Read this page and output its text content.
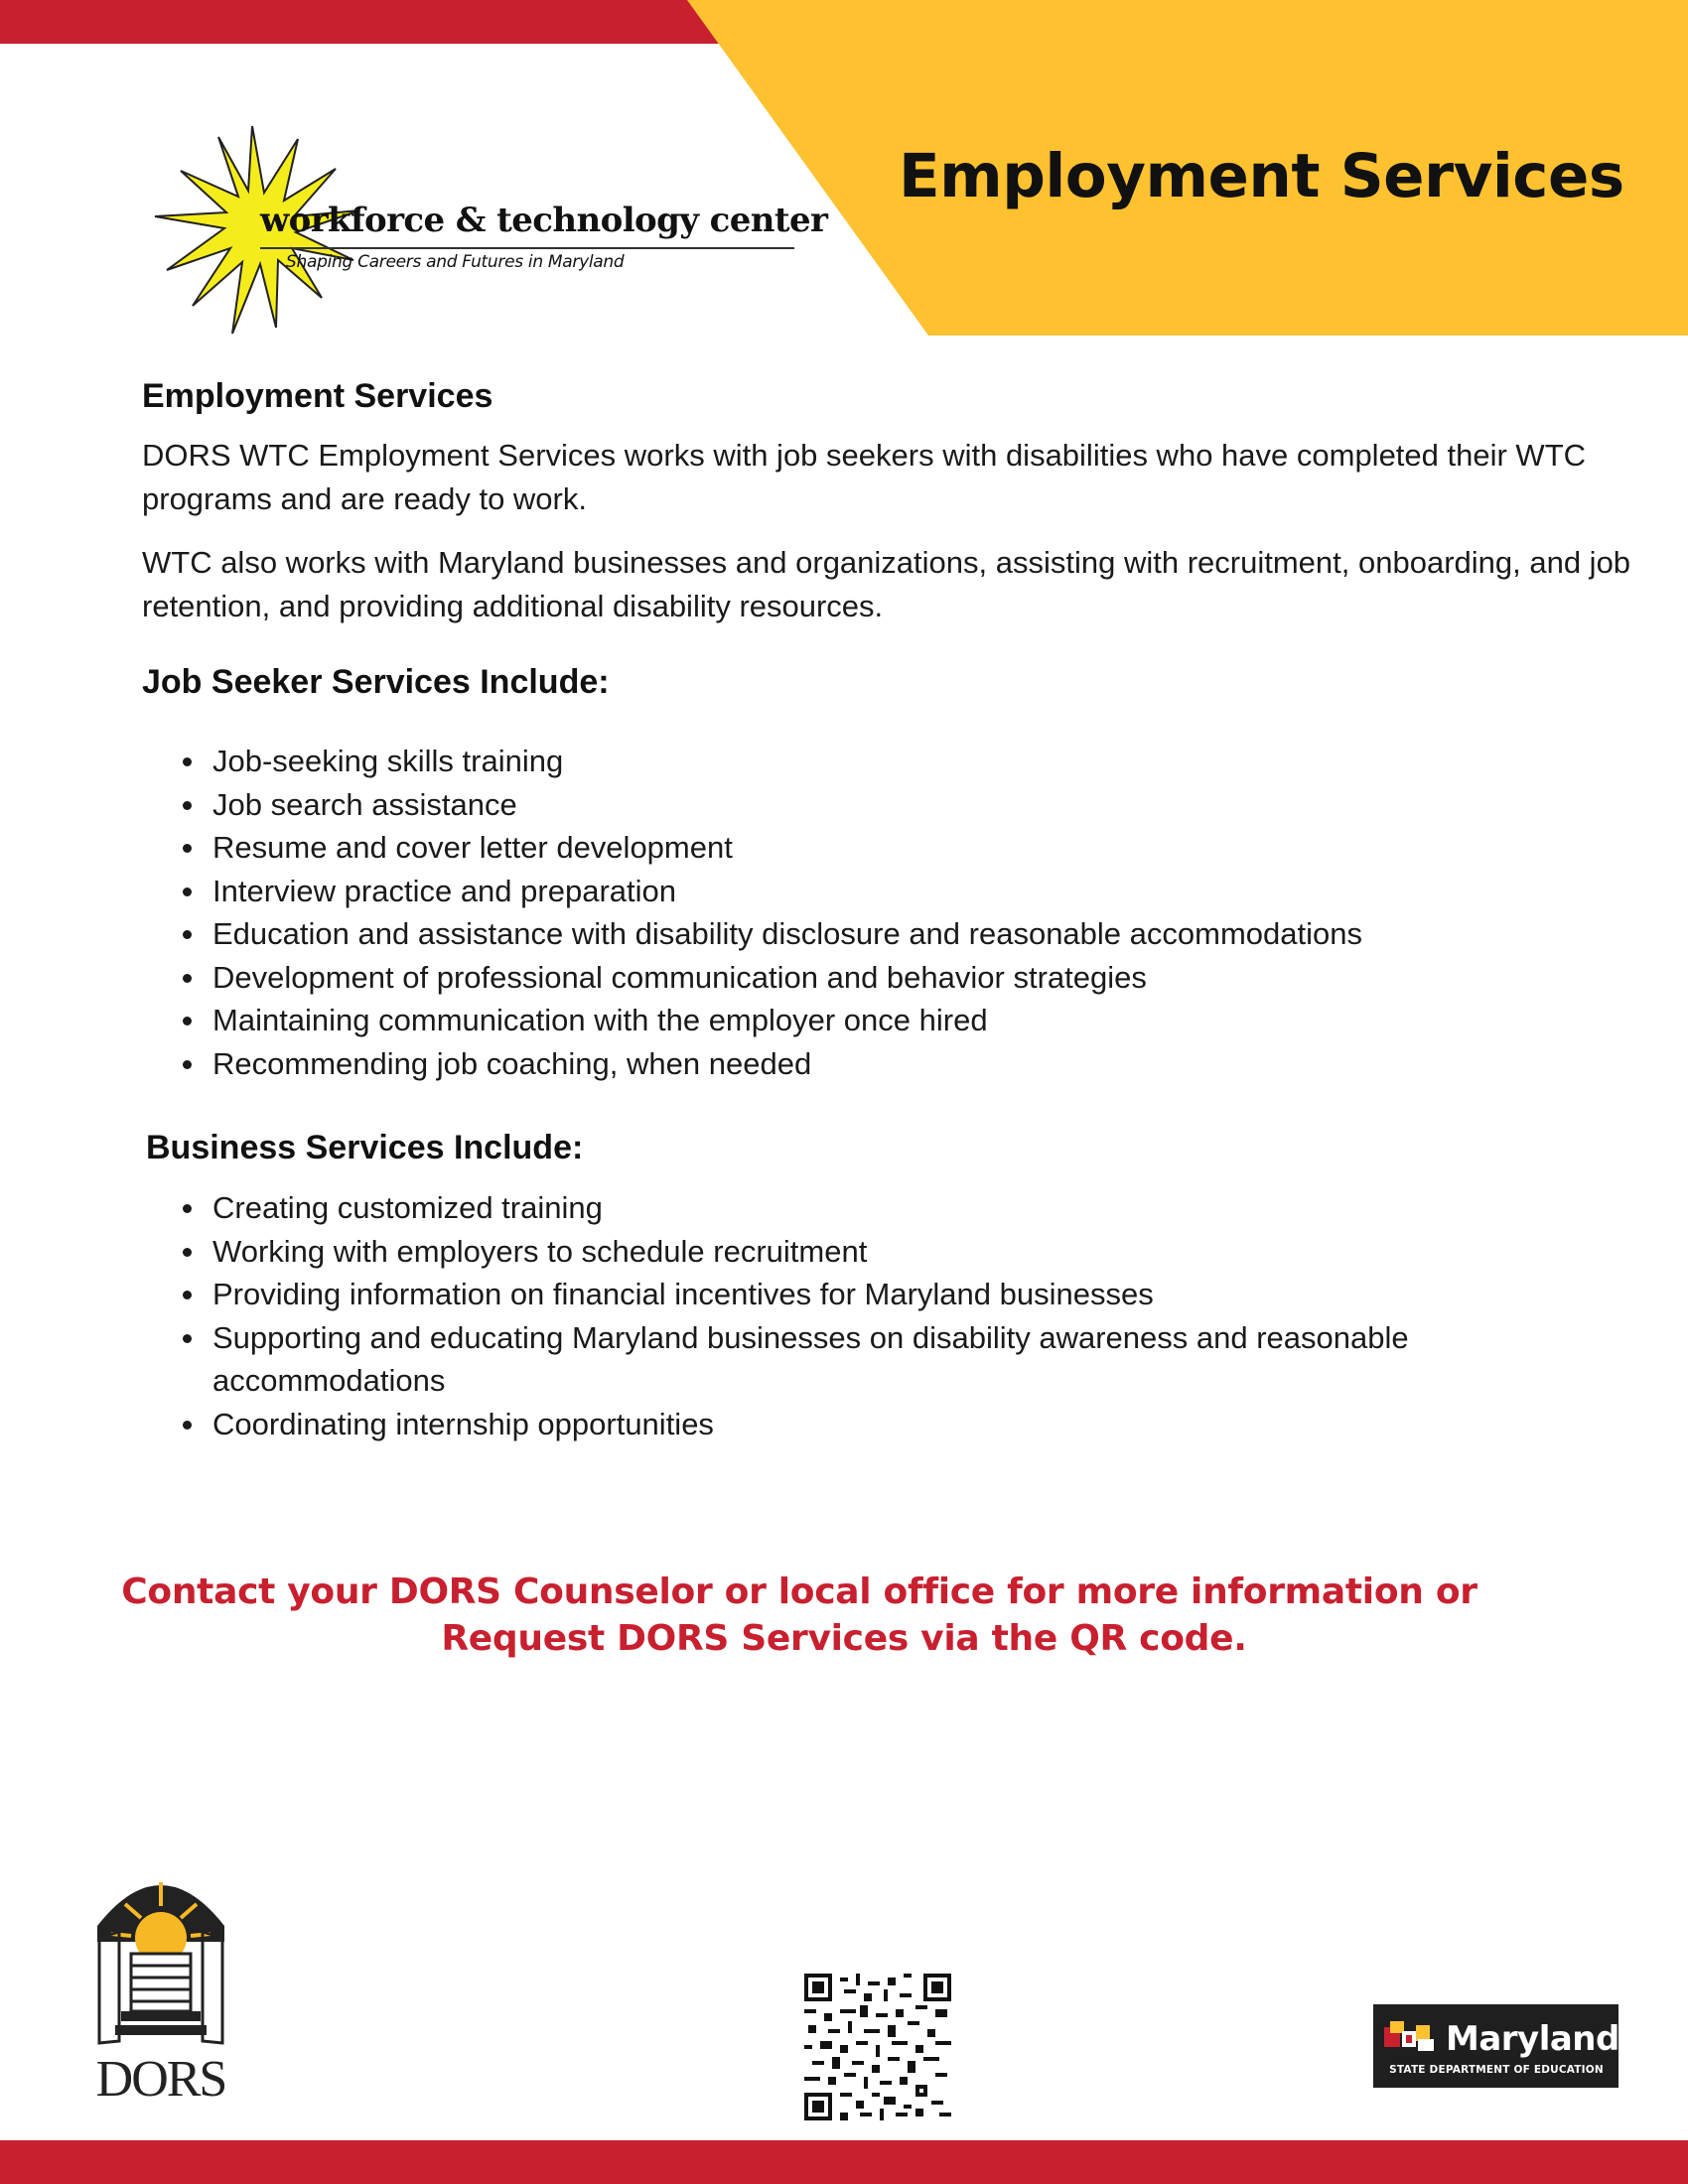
Employment Services
workforce & technology center
Shaping Careers and Futures in Maryland
Employment Services

DORS WTC Employment Services works with job seekers with disabilities who have completed their WTC programs and are ready to work.

WTC also works with Maryland businesses and organizations, assisting with recruitment, onboarding, and job retention, and providing additional disability resources.

Job Seeker Services Include:
Job-seeking skills training
Job search assistance
Resume and cover letter development
Interview practice and preparation
Education and assistance with disability disclosure and reasonable accommodations
Development of professional communication and behavior strategies
Maintaining communication with the employer once hired
Recommending job coaching, when needed
Business Services Include:
Creating customized training
Working with employers to schedule recruitment
Providing information on financial incentives for Maryland businesses
Supporting and educating Maryland businesses on disability awareness and reasonable accommodations
Coordinating internship opportunities
Contact your DORS Counselor or local office for more information or
Request DORS Services via the QR code.
DORS
Maryland
STATE DEPARTMENT OF EDUCATION
